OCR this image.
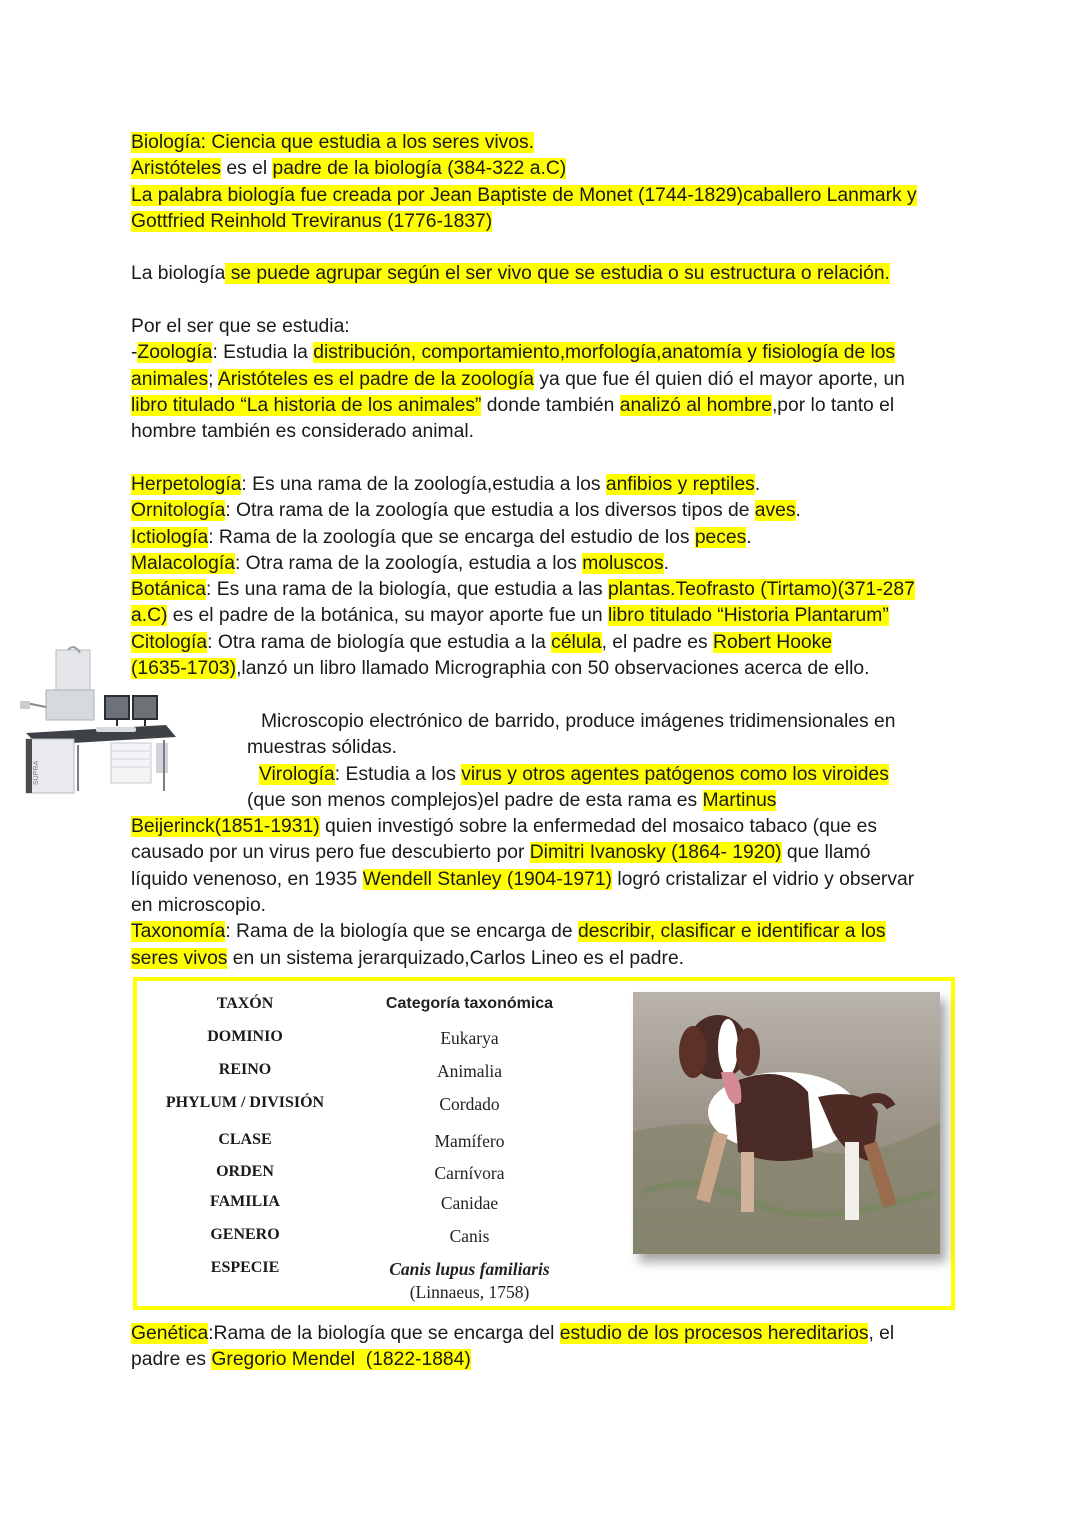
Biología: Ciencia que estudia a los seres vivos.
Aristóteles es el padre de la biología (384-322 a.C)
La palabra biología fue creada por Jean Baptiste de Monet (1744-1829)caballero Lanmark y
Gottfried Reinhold Treviranus (1776-1837)
La biología se puede agrupar según el ser vivo que se estudia o su estructura o relación.
Por el ser que se estudia:
-Zoología: Estudia la distribución, comportamiento,morfología,anatomía y fisiología de los
animales; Aristóteles es el padre de la zoología ya que fue él quien dió el mayor aporte, un
libro titulado “La historia de los animales” donde también analizó al hombre,por lo tanto el
hombre también es considerado animal.
Herpetología: Es una rama de la zoología,estudia a los anfibios y reptiles.
Ornitología: Otra rama de la zoología que estudia a los diversos tipos de aves.
Ictiología: Rama de la zoología que se encarga del estudio de los peces.
Malacología: Otra rama de la zoología, estudia a los moluscos.
Botánica: Es una rama de la biología, que estudia a las plantas.Teofrasto (Tirtamo)(371-287
a.C) es el padre de la botánica, su mayor aporte fue un libro titulado “Historia Plantarum”
Citología: Otra rama de biología que estudia a la célula, el padre es Robert Hooke
(1635-1703),lanzó un libro llamado Micrographia con 50 observaciones acerca de ello.
SUPRA
Microscopio electrónico de barrido, produce imágenes tridimensionales en
muestras sólidas.
Virología: Estudia a los virus y otros agentes patógenos como los viroides
(que son menos complejos)el padre de esta rama es Martinus
Beijerinck(1851-1931) quien investigó sobre la enfermedad del mosaico tabaco (que es
causado por un virus pero fue descubierto por Dimitri Ivanosky (1864- 1920) que llamó
líquido venenoso, en 1935 Wendell Stanley (1904-1971) logró cristalizar el vidrio y observar
en microscopio.
Taxonomía: Rama de la biología que se encarga de describir, clasificar e identificar a los
seres vivos en un sistema jerarquizado,Carlos Lineo es el padre.
TAXÓN	Categoría taxonómica
DOMINIO	Eukarya
REINO	Animalia
PHYLUM / DIVISIÓN	Cordado
CLASE	Mamífero
ORDEN	Carnívora
FAMILIA	Canidae
GENERO	Canis
ESPECIE	Canis lupus familiaris
(Linnaeus, 1758)
Genética:Rama de la biología que se encarga del estudio de los procesos hereditarios, el
padre es Gregorio Mendel  (1822-1884)
